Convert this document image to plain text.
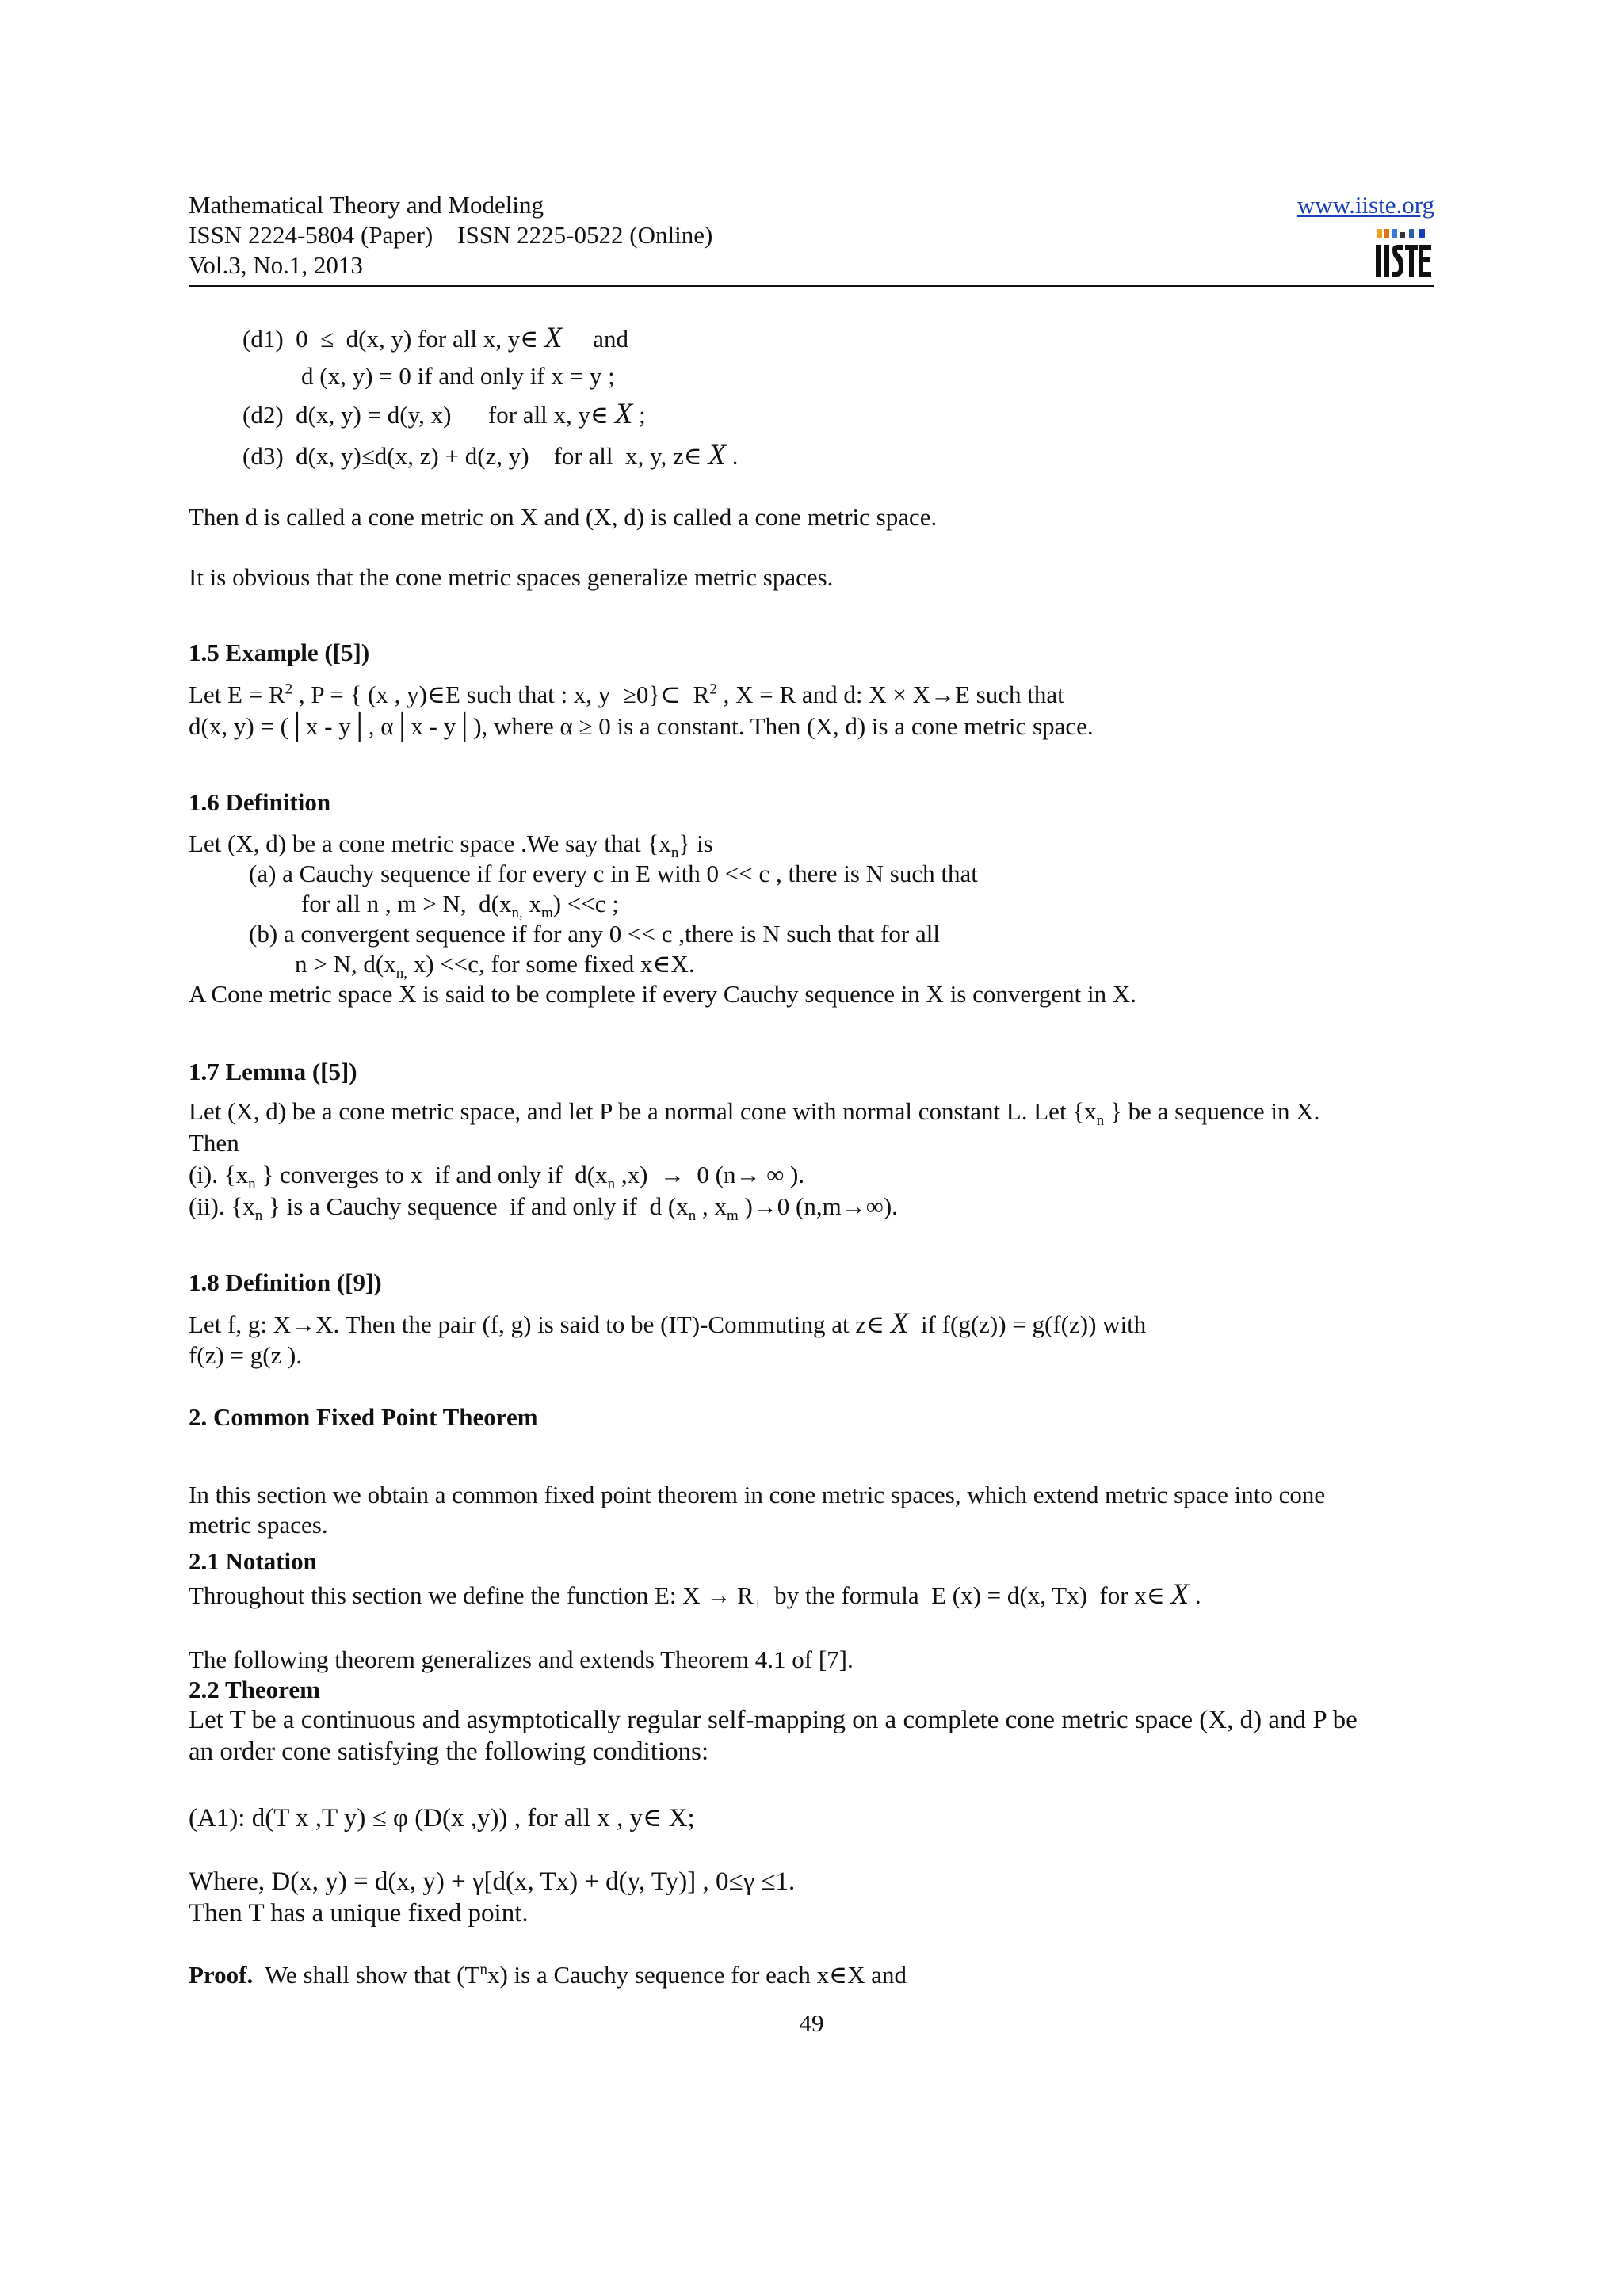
Mathematical Theory and Modeling
ISSN 2224-5804 (Paper)    ISSN 2225-0522 (Online)
Vol.3, No.1, 2013
www.iiste.org
(d1)  0  ≤  d(x, y) for all x, y∈ X     and
d (x, y) = 0 if and only if x = y ;
(d2)  d(x, y) = d(y, x)      for all x, y∈ X ;
(d3)  d(x, y)≤d(x, z) + d(z, y)    for all  x, y, z∈ X .
Then d is called a cone metric on X and (X, d) is called a cone metric space.
It is obvious that the cone metric spaces generalize metric spaces.
1.5 Example ([5])
Let $E = R^2$ , P = { (x , y)∈E such that : x, y  ≥0}⊂  $R^2$ , X = R and d: X × X→E such that
d(x, y) = (│x - y│, α│x - y│), where α ≥ 0 is a constant. Then (X, d) is a cone metric space.
1.6 Definition
Let (X, d) be a cone metric space .We say that $\{x_n\}$ is
(a) a Cauchy sequence if for every c in E with 0 << c , there is N such that
for all n , m > N,  $d(x_{n,}$ $x_m) <<c$ ;
(b) a convergent sequence if for any 0 << c ,there is N such that for all
n > N, $d(x_{n,}$ x) <<c, for some fixed x∈X.
A Cone metric space X is said to be complete if every Cauchy sequence in X is convergent in X.
1.7 Lemma ([5])
Let (X, d) be a cone metric space, and let P be a normal cone with normal constant L. Let {$x_n$ } be a sequence in X.
Then
(i). {$x_n$ } converges to x  if and only if  $d(x_n$ ,x)  →  0 (n→ ∞ ).
(ii). {$x_n$ } is a Cauchy sequence  if and only if  d ($x_n$ , $x_m$ )→0 (n,m→∞).
1.8 Definition ([9])
Let f, g: X→X. Then the pair (f, g) is said to be (IT)-Commuting at z∈ X  if f(g(z)) = g(f(z)) with
f(z) = g(z ).
2. Common Fixed Point Theorem
In this section we obtain a common fixed point theorem in cone metric spaces, which extend metric space into cone
metric spaces.
2.1 Notation
Throughout this section we define the function E: $X \to R_+$  by the formula  E (x) = d(x, Tx)  for x∈ X .
The following theorem generalizes and extends Theorem 4.1 of [7].
2.2 Theorem
Let T be a continuous and asymptotically regular self-mapping on a complete cone metric space (X, d) and P be
an order cone satisfying the following conditions:
(A1): d(T x ,T y) ≤ φ (D(x ,y)) , for all x , y∈ X;
Where, D(x, y) = d(x, y) + γ[d(x, Tx) + d(y, Ty)] , 0≤γ ≤1.
Then T has a unique fixed point.
Proof.  We shall show that $(T^nx)$ is a Cauchy sequence for each x∈X and
49
